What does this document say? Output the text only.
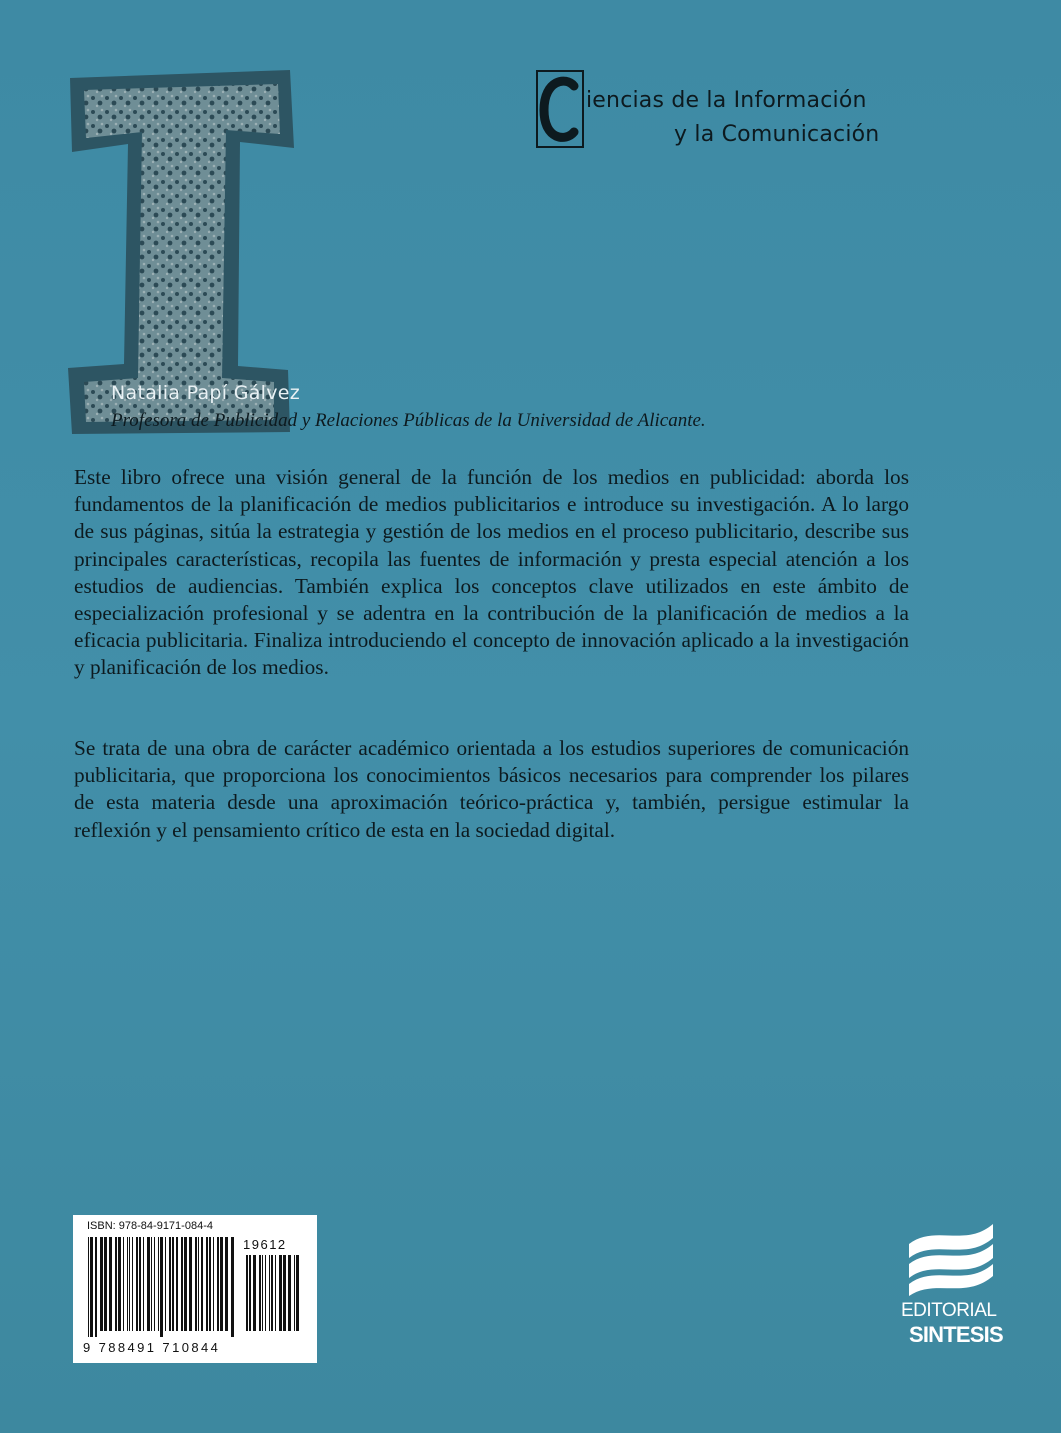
iencias de la Información
y la Comunicación
Natalia Papí Gálvez
Profesora de Publicidad y Relaciones Públicas de la Universidad de Alicante.

Este libro ofrece una visión general de la función de los medios en publicidad: aborda los fundamentos de la planificación de medios publicitarios e introduce su investigación. A lo largo de sus páginas, sitúa la estrategia y gestión de los medios en el proceso publicitario, describe sus principales características, recopila las fuentes de información y presta especial atención a los estudios de audiencias. También explica los conceptos clave utilizados en este ámbito de especialización profesional y se adentra en la contribución de la planificación de medios a la eficacia publicitaria. Finaliza introduciendo el concepto de innovación aplicado a la investigación y planificación de los medios.

Se trata de una obra de carácter académico orientada a los estudios superiores de comunicación publicitaria, que proporciona los conocimientos básicos necesarios para comprender los pilares de esta materia desde una aproximación teórico-práctica y, también, persigue estimular la reflexión y el pensamiento crítico de esta en la sociedad digital.

ISBN: 978-84-9171-084-4
19612
9 788491 710844
EDITORIAL
SINTESIS
